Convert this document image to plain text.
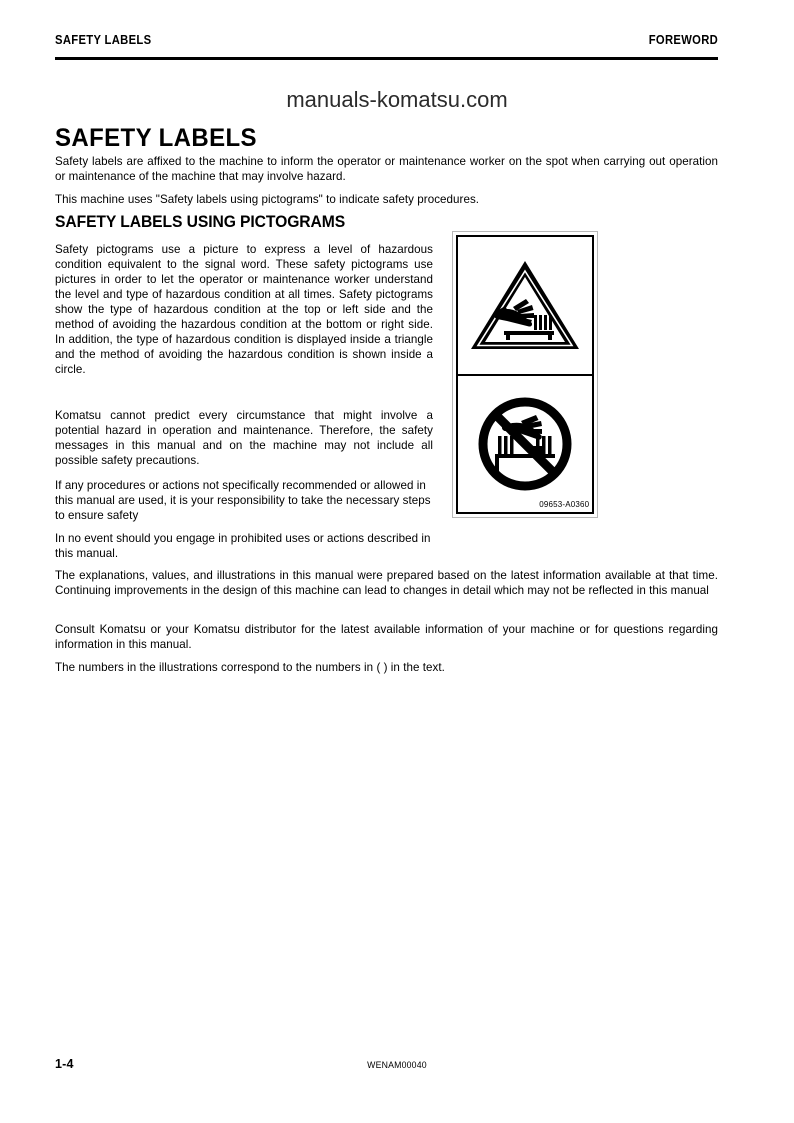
SAFETY LABELS	FOREWORD
manuals-komatsu.com
SAFETY LABELS

Safety labels are affixed to the machine to inform the operator or maintenance worker on the spot when carrying out operation or maintenance of the machine that may involve hazard.

This machine uses "Safety labels using pictograms" to indicate safety procedures.

SAFETY LABELS USING PICTOGRAMS

Safety pictograms use a picture to express a level of hazardous condition equivalent to the signal word. These safety pictograms use pictures in order to let the operator or maintenance worker understand the level and type of hazardous condition at all times. Safety pictograms show the type of hazardous condition at the top or left side and the method of avoiding the hazardous condition at the bottom or right side. In addition, the type of hazardous condition is displayed inside a triangle and the method of avoiding the hazardous condition is shown inside a circle.

Komatsu cannot predict every circumstance that might involve a potential hazard in operation and maintenance. Therefore, the safety messages in this manual and on the machine may not include all possible safety precautions.

If any procedures or actions not specifically recommended or allowed in this manual are used, it is your responsibility to take the necessary steps to ensure safety

In no event should you engage in prohibited uses or actions described in this manual.

09653-A0360

The explanations, values, and illustrations in this manual were prepared based on the latest information available at that time. Continuing improvements in the design of this machine can lead to changes in detail which may not be reflected in this manual

Consult Komatsu or your Komatsu distributor for the latest available information of your machine or for questions regarding information in this manual.

The numbers in the illustrations correspond to the numbers in ( ) in the text.

1-4	WENAM00040
